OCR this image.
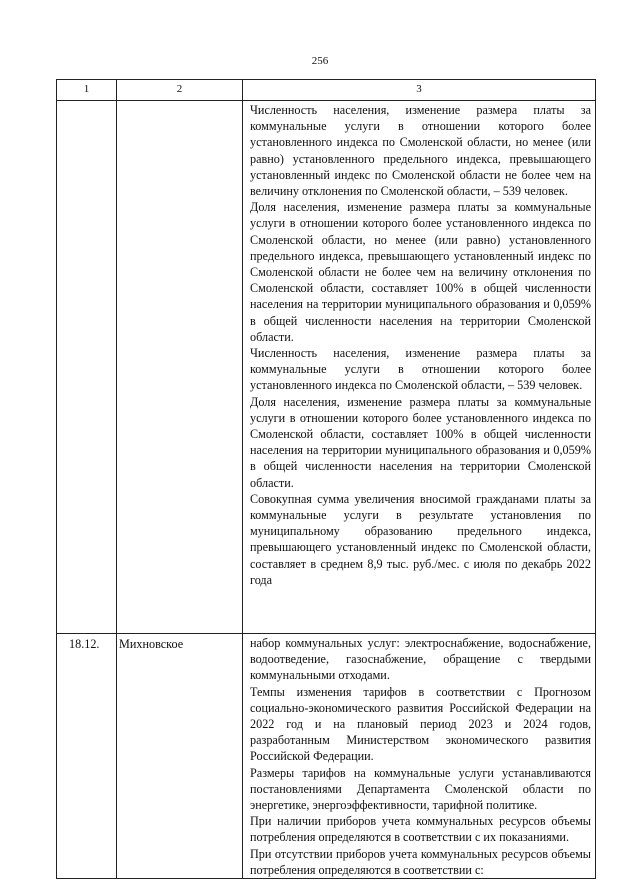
256
1	2	3

		Численность населения, изменение размера платы за коммунальные услуги в отношении которого более установленного индекса по Смоленской области, но менее (или равно) установленного предельного индекса, превышающего установленный индекс по Смоленской области не более чем на величину отклонения по Смоленской области, – 539 человек.

Доля населения, изменение размера платы за коммунальные услуги в отношении которого более установленного индекса по Смоленской области, но менее (или равно) установленного предельного индекса, превышающего установленный индекс по Смоленской области не более чем на величину отклонения по Смоленской области, составляет 100% в общей численности населения на территории муниципального образования и 0,059% в общей численности населения на территории Смоленской области.

Численность населения, изменение размера платы за коммунальные услуги в отношении которого более установленного индекса по Смоленской области, – 539 человек.

Доля населения, изменение размера платы за коммунальные услуги в отношении которого более установленного индекса по Смоленской области, составляет 100% в общей численности населения на территории муниципального образования и 0,059% в общей численности населения на территории Смоленской области.

Совокупная сумма увеличения вносимой гражданами платы за коммунальные услуги в результате установления по муниципальному образованию предельного индекса, превышающего установленный индекс по Смоленской области, составляет в среднем 8,9 тыс. руб./мес. с июля по декабрь 2022 года

18.12.	Михновское	набор коммунальных услуг: электроснабжение, водоснабжение, водоотведение, газоснабжение, обращение с твердыми коммунальными отходами.

Темпы изменения тарифов в соответствии с Прогнозом социально-экономического развития Российской Федерации на 2022 год и на плановый период 2023 и 2024 годов, разработанным Министерством экономического развития Российской Федерации.

Размеры тарифов на коммунальные услуги устанавливаются постановлениями Департамента Смоленской области по энергетике, энергоэффективности, тарифной политике.

При наличии приборов учета коммунальных ресурсов объемы потребления определяются в соответствии с их показаниями.

При отсутствии приборов учета коммунальных ресурсов объемы потребления определяются в соответствии с:
